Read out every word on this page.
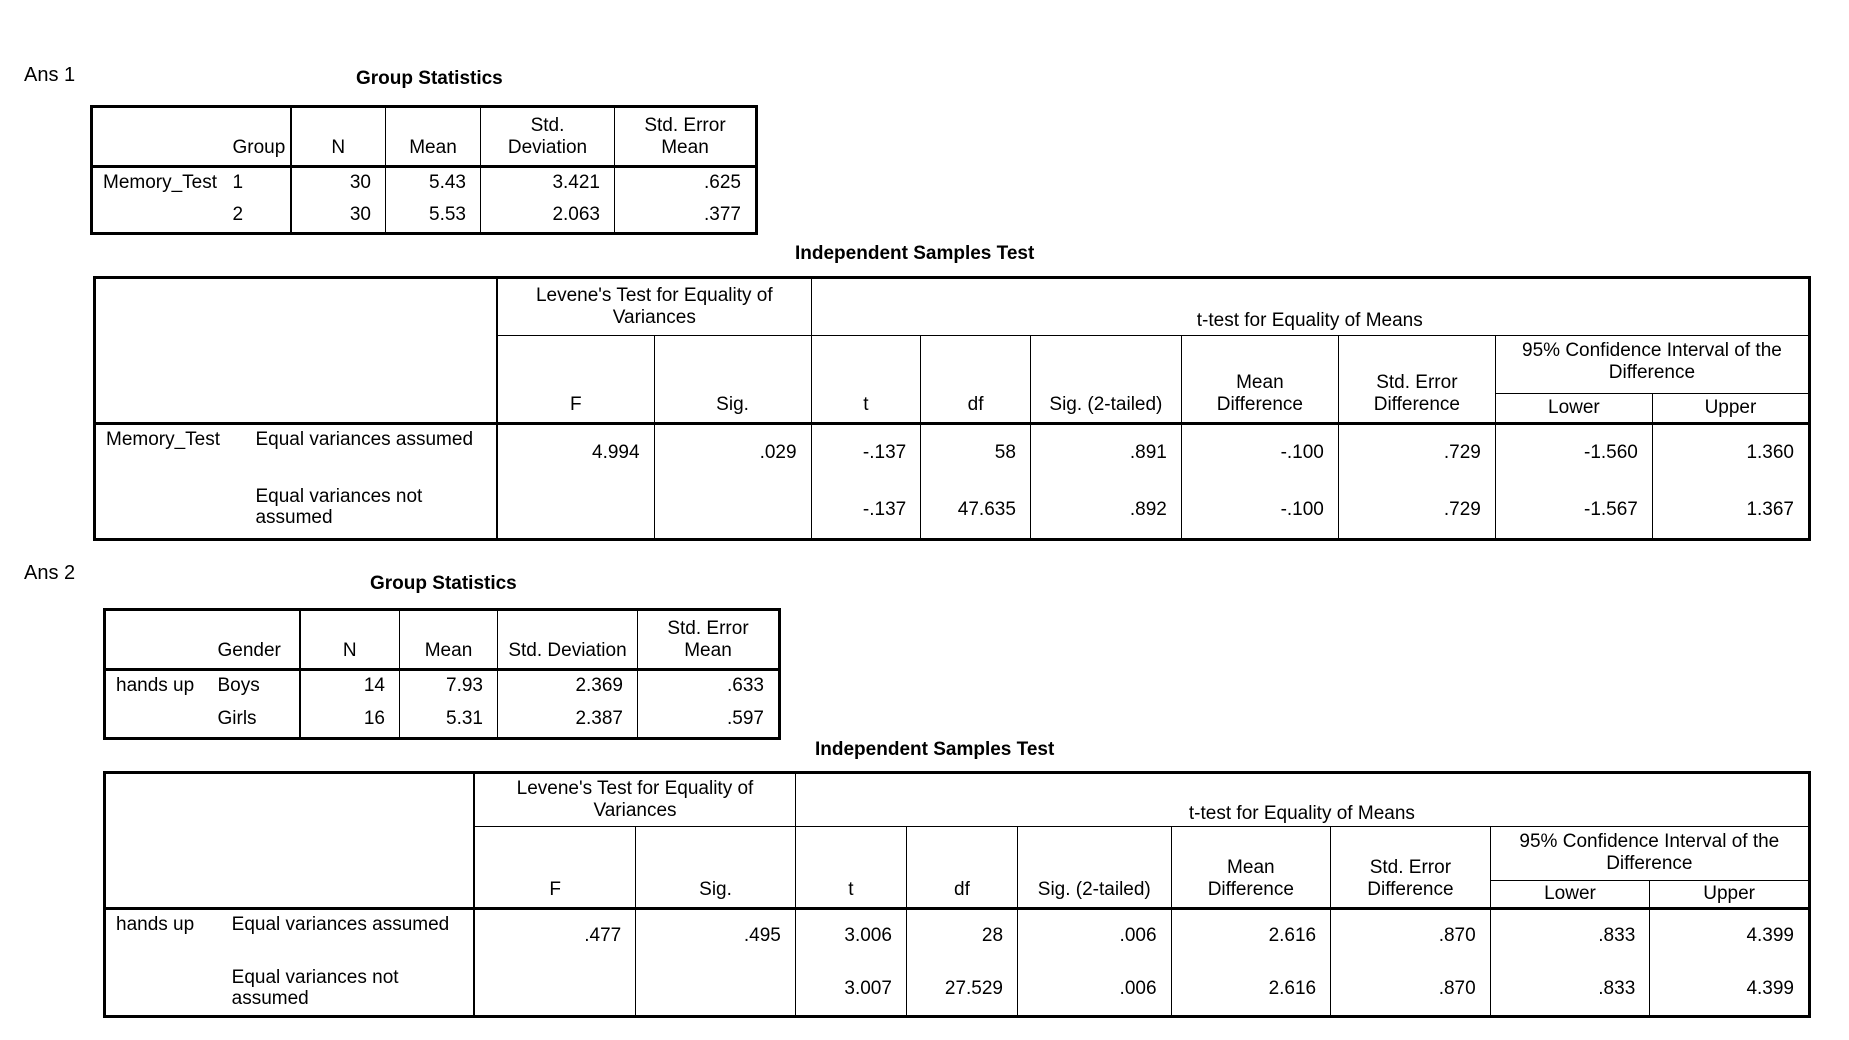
Ans 1	Group Statistics
	Group	N	Mean	Std. Deviation	Std. Error Mean
Memory_Test	1	30	5.43	3.421	.625
	2	30	5.53	2.063	.377
Independent Samples Test
		Levene's Test for Equality of Variances		t-test for Equality of Means						
		F	Sig.	t	df	Sig. (2-tailed)	Mean Difference	Std. Error Difference	95% Confidence Interval of the Difference	
									Lower	Upper
Memory_Test	Equal variances assumed	4.994	.029	-.137	58	.891	-.100	.729	-1.560	1.360
	Equal variances not assumed			-.137	47.635	.892	-.100	.729	-1.567	1.367
Ans 2	Group Statistics
	Gender	N	Mean	Std. Deviation	Std. Error Mean
hands up	Boys	14	7.93	2.369	.633
	Girls	16	5.31	2.387	.597
Independent Samples Test
		Levene's Test for Equality of Variances		t-test for Equality of Means						
		F	Sig.	t	df	Sig. (2-tailed)	Mean Difference	Std. Error Difference	95% Confidence Interval of the Difference	
									Lower	Upper
hands up	Equal variances assumed	.477	.495	3.006	28	.006	2.616	.870	.833	4.399
	Equal variances not assumed			3.007	27.529	.006	2.616	.870	.833	4.399
